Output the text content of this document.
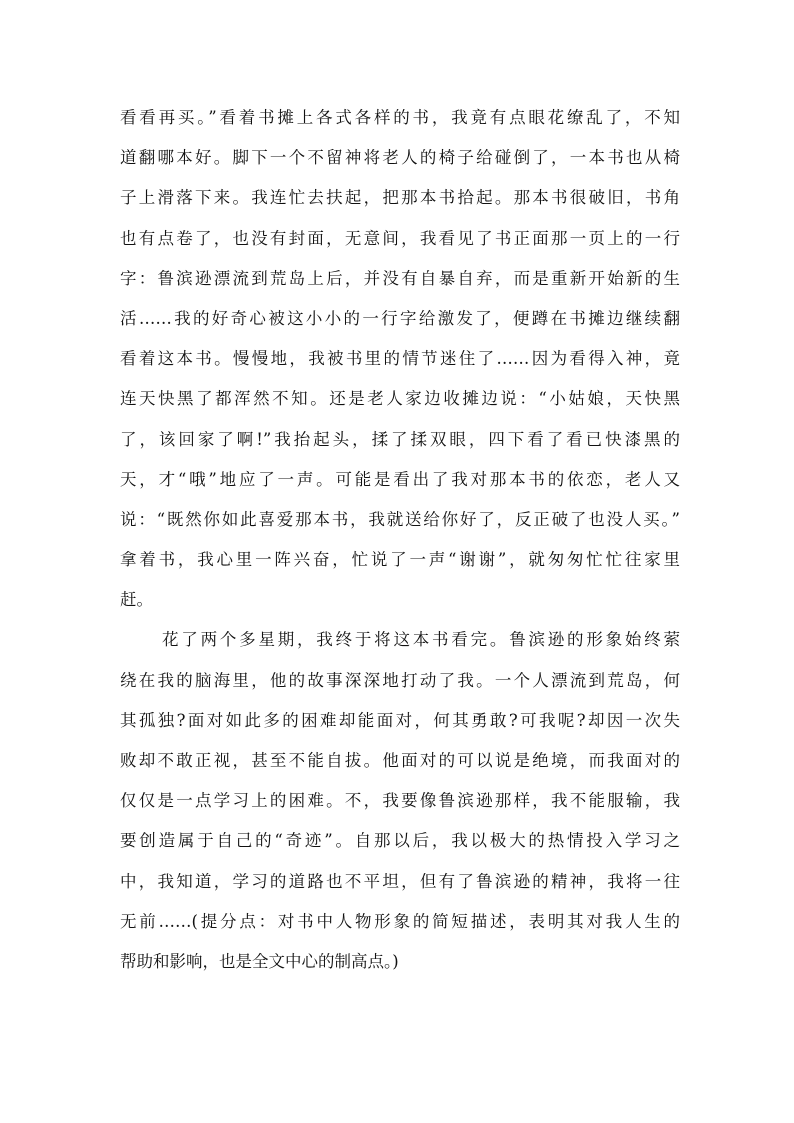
看看再买。”看着书摊上各式各样的书，我竟有点眼花缭乱了，不知
道翻哪本好。脚下一个不留神将老人的椅子给碰倒了，一本书也从椅
子上滑落下来。我连忙去扶起，把那本书拾起。那本书很破旧，书角
也有点卷了，也没有封面，无意间，我看见了书正面那一页上的一行
字：鲁滨逊漂流到荒岛上后，并没有自暴自弃，而是重新开始新的生
活……我的好奇心被这小小的一行字给激发了，便蹲在书摊边继续翻
看着这本书。慢慢地，我被书里的情节迷住了……因为看得入神，竟
连天快黑了都浑然不知。还是老人家边收摊边说：“小姑娘，天快黑
了，该回家了啊!”我抬起头，揉了揉双眼，四下看了看已快漆黑的
天，才“哦”地应了一声。可能是看出了我对那本书的依恋，老人又
说：“既然你如此喜爱那本书，我就送给你好了，反正破了也没人买。”
拿着书，我心里一阵兴奋，忙说了一声“谢谢”，就匆匆忙忙往家里
赶。
花了两个多星期，我终于将这本书看完。鲁滨逊的形象始终萦
绕在我的脑海里，他的故事深深地打动了我。一个人漂流到荒岛，何
其孤独?面对如此多的困难却能面对，何其勇敢?可我呢?却因一次失
败却不敢正视，甚至不能自拔。他面对的可以说是绝境，而我面对的
仅仅是一点学习上的困难。不，我要像鲁滨逊那样，我不能服输，我
要创造属于自己的“奇迹”。自那以后，我以极大的热情投入学习之
中，我知道，学习的道路也不平坦，但有了鲁滨逊的精神，我将一往
无前……(提分点：对书中人物形象的简短描述，表明其对我人生的
帮助和影响，也是全文中心的制高点。)
